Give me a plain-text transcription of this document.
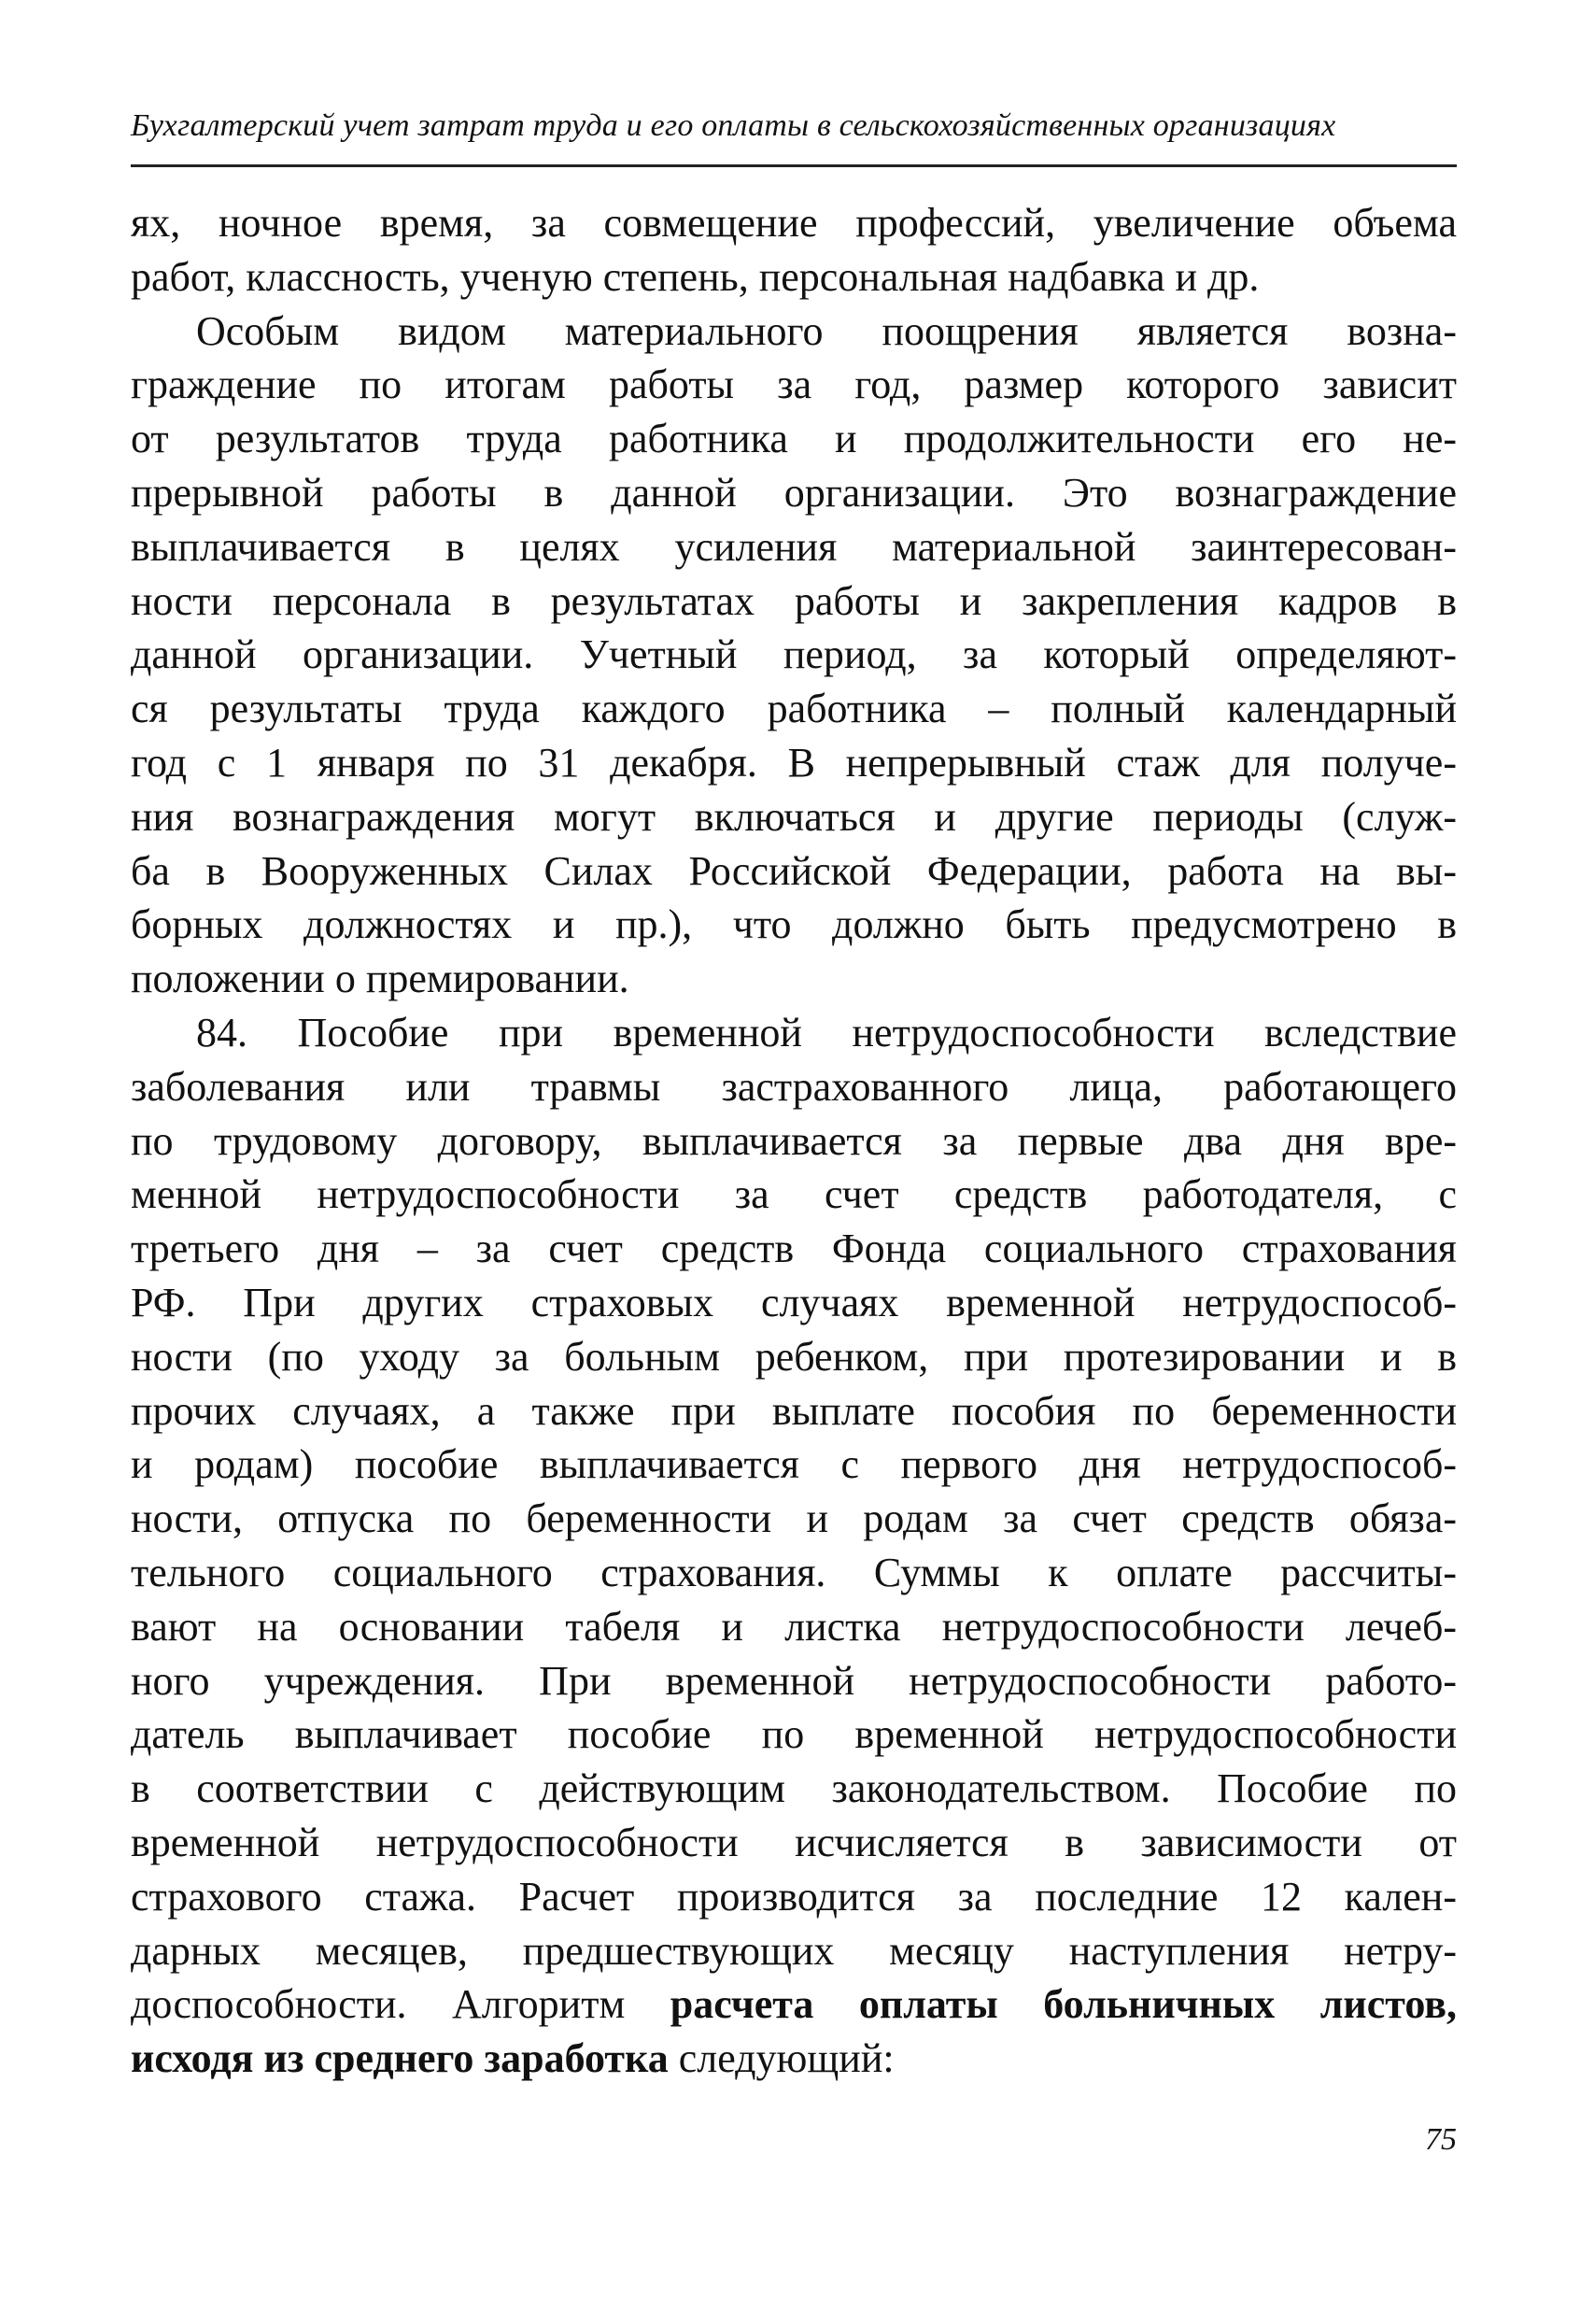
Бухгалтерский учет затрат труда и его оплаты в сельскохозяйственных организациях

ях, ночное время, за совмещение профессий, увеличение объема
работ, классность, ученую степень, персональная надбавка и др.

Особым видом материального поощрения является возна-
граждение по итогам работы за год, размер которого зависит
от результатов труда работника и продолжительности его не-
прерывной работы в данной организации. Это вознаграждение
выплачивается в целях усиления материальной заинтересован-
ности персонала в результатах работы и закрепления кадров в
данной организации. Учетный период, за который определяют-
ся результаты труда каждого работника – полный календарный
год с 1 января по 31 декабря. В непрерывный стаж для получе-
ния вознаграждения могут включаться и другие периоды (служ-
ба в Вооруженных Силах Российской Федерации, работа на вы-
борных должностях и пр.), что должно быть предусмотрено в
положении о премировании.

84. Пособие при временной нетрудоспособности вследствие
заболевания или травмы застрахованного лица, работающего
по трудовому договору, выплачивается за первые два дня вре-
менной нетрудоспособности за счет средств работодателя, с
третьего дня – за счет средств Фонда социального страхования
РФ. При других страховых случаях временной нетрудоспособ-
ности (по уходу за больным ребенком, при протезировании и в
прочих случаях, а также при выплате пособия по беременности
и родам) пособие выплачивается с первого дня нетрудоспособ-
ности, отпуска по беременности и родам за счет средств обяза-
тельного социального страхования. Суммы к оплате рассчиты-
вают на основании табеля и листка нетрудоспособности лечеб-
ного учреждения. При временной нетрудоспособности работо-
датель выплачивает пособие по временной нетрудоспособности
в соответствии с действующим законодательством. Пособие по
временной нетрудоспособности исчисляется в зависимости от
страхового стажа. Расчет производится за последние 12 кален-
дарных месяцев, предшествующих месяцу наступления нетру-
доспособности. Алгоритм расчета оплаты больничных листов,
исходя из среднего заработка следующий:

75
